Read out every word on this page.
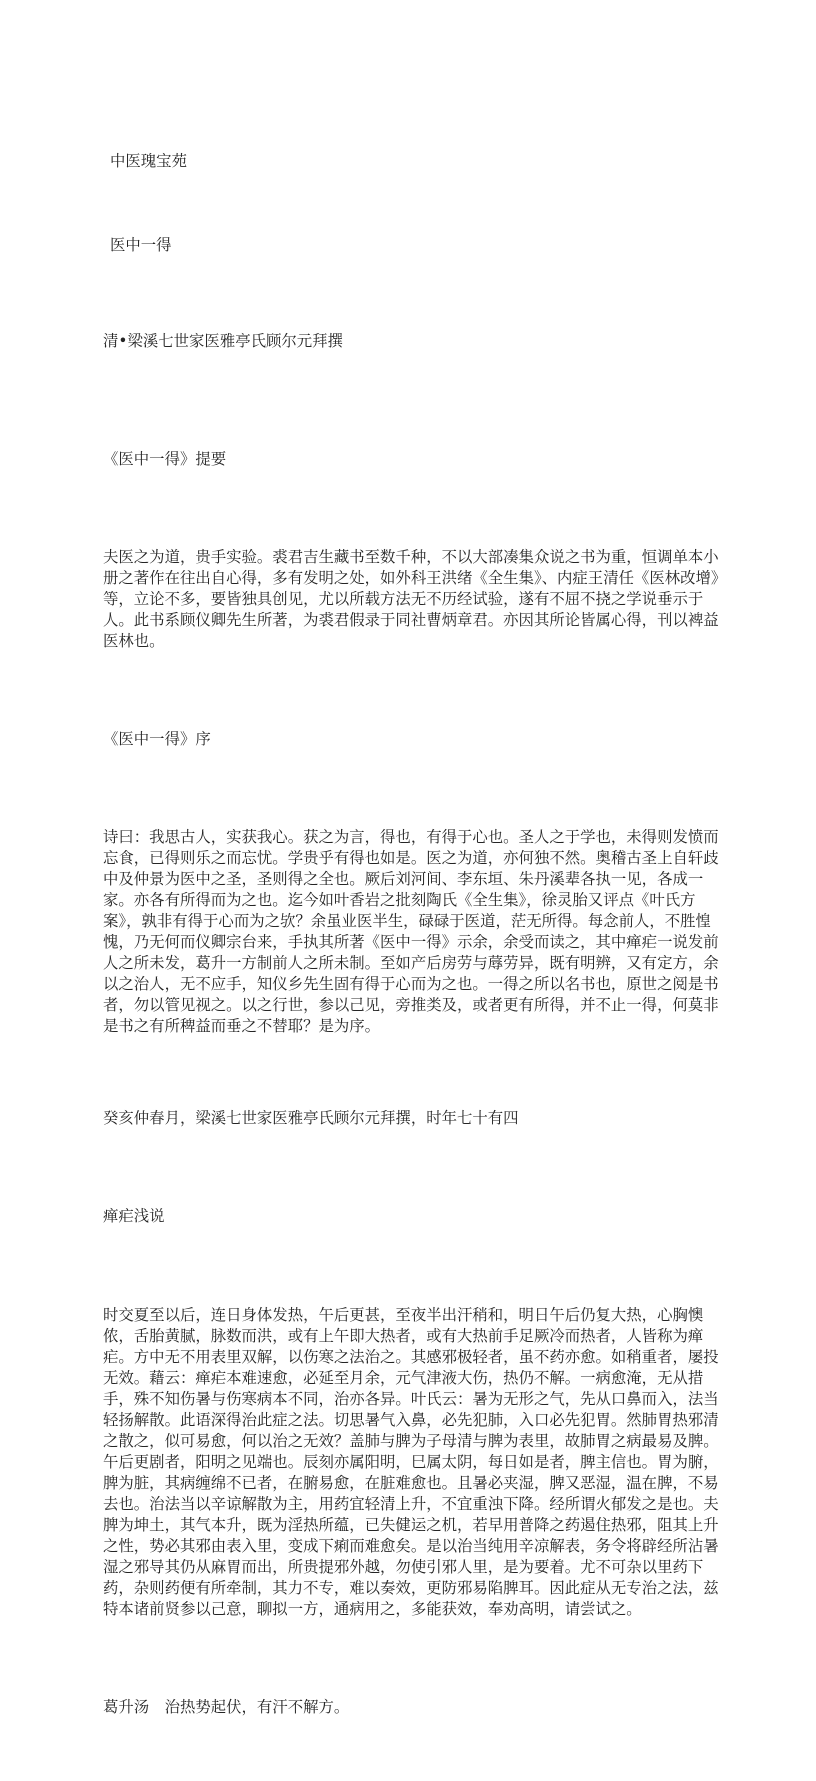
中医瑰宝苑

医中一得

清•梁溪七世家医雅亭氏顾尔元拜撰

《医中一得》提要

夫医之为道，贵手实验。裘君吉生藏书至数千种，不以大部凑集众说之书为重，恒调单本小册之著作在往出自心得，多有发明之处，如外科王洪绪《全生集》、内症王清任《医林改增》等，立论不多，要皆独具创见，尤以所载方法无不历经试验，遂有不屈不挠之学说垂示于人。此书系顾仪卿先生所著，为裘君假录于同社曹炳章君。亦因其所论皆属心得，刊以裨益医林也。

《医中一得》序

诗曰：我思古人，实获我心。获之为言，得也，有得于心也。圣人之于学也，未得则发愤而忘食，已得则乐之而忘忧。学贵乎有得也如是。医之为道，亦何独不然。奥稽古圣上自轩歧中及仲景为医中之圣，圣则得之全也。厥后刘河间、李东垣、朱丹溪辈各执一见，各成一家。亦各有所得而为之也。迄今如叶香岩之批刻陶氏《全生集》，徐灵胎又评点《叶氏方案》，孰非有得于心而为之欤？余虽业医半生，碌碌于医道，茫无所得。每念前人，不胜惶愧，乃无何而仪卿宗台来，手执其所著《医中一得》示余，余受而读之，其中瘅疟一说发前人之所未发，葛升一方制前人之所未制。至如产后房劳与蓐劳异，既有明辨，又有定方，余以之治人，无不应手，知仪乡先生固有得于心而为之也。一得之所以名书也，原世之阅是书者，勿以管见视之。以之行世，参以己见，旁推类及，或者更有所得，并不止一得，何莫非是书之有所稗益而垂之不替耶？是为序。

癸亥仲春月，梁溪七世家医雅亭氏顾尔元拜撰，时年七十有四

瘅疟浅说

时交夏至以后，连日身体发热，午后更甚，至夜半出汗稍和，明日午后仍复大热，心胸懊侬，舌胎黄腻，脉数而洪，或有上午即大热者，或有大热前手足厥冷而热者，人皆称为瘅疟。方中无不用表里双解，以伤寒之法治之。其感邪极轻者，虽不药亦愈。如稍重者，屡投无效。藉云：瘅疟本难速愈，必延至月余，元气津液大伤，热仍不解。一病愈淹，无从措手，殊不知伤暑与伤寒病本不同，治亦各异。叶氏云：暑为无形之气，先从口鼻而入，法当轻扬解散。此语深得治此症之法。切思暑气入鼻，必先犯肺，入口必先犯胃。然肺胃热邪清之散之，似可易愈，何以治之无效？盖肺与脾为子母清与脾为表里，故肺胃之病最易及脾。午后更剧者，阳明之见端也。辰刻亦属阳明，巳属太阴，每日如是者，脾主信也。胃为腑，脾为脏，其病缠绵不已者，在腑易愈，在脏难愈也。且暑必夹湿，脾又恶湿，温在脾，不易去也。治法当以辛谅解散为主，用药宜轻清上升，不宜重浊下降。经所谓火郁发之是也。夫脾为坤土，其气本升，既为淫热所蕴，已失健运之机，若早用普降之药遏住热邪，阻其上升之性，势必其邪由表入里，变成下痢而难愈矣。是以治当纯用辛凉解表，务令将辟经所沾暑湿之邪导其仍从麻胃而出，所贵提邪外越，勿使引邪人里，是为要着。尤不可杂以里药下药，杂则药便有所牵制，其力不专，难以奏效，更防邪易陷脾耳。因此症从无专治之法，兹特本诸前贤参以己意，聊拟一方，通病用之，多能获效，奉劝高明，请尝试之。

葛升汤　治热势起伏，有汗不解方。
